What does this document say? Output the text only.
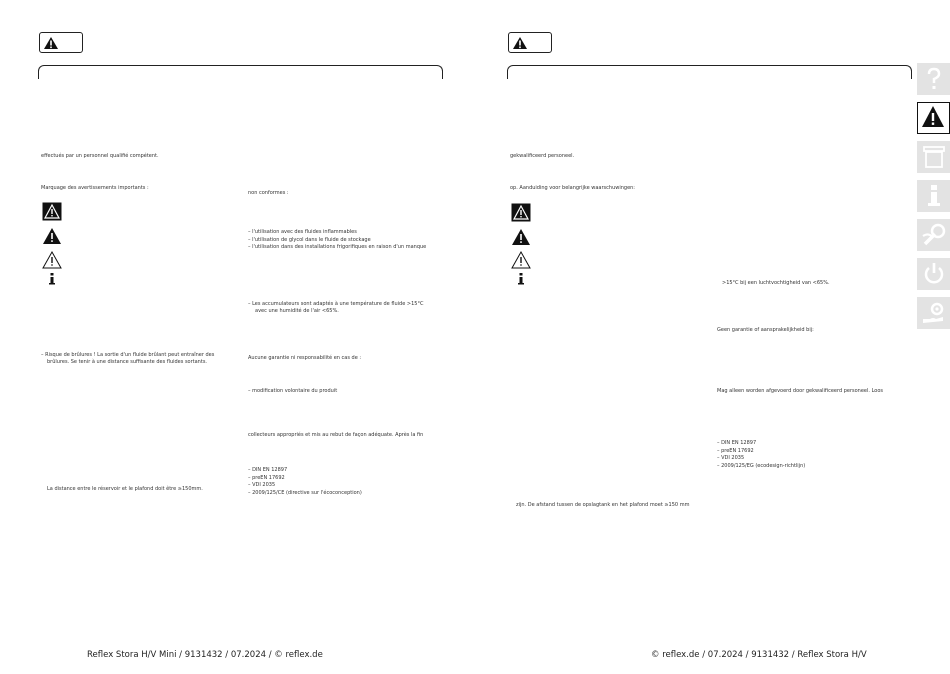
effectués par un personnel qualifié compétent.
Marquage des avertissements importants :
– Risque de brûlures ! La sortie d'un fluide brûlant peut entraîner des
brûlures. Se tenir à une distance suffisante des fluides sortants.
La distance entre le réservoir et le plafond doit être ≥150mm.
non conformes :
– l'utilisation avec des fluides inflammables
– l'utilisation de glycol dans le fluide de stockage
– l'utilisation dans des installations frigorifiques en raison d'un manque
– Les accumulateurs sont adaptés à une température de fluide >15°C
avec une humidité de l'air <65%.
Aucune garantie ni responsabilité en cas de :
– modification volontaire du produit
collecteurs appropriés et mis au rebut de façon adéquate. Après la fin
– DIN EN 12897
– preEN 17692
– VDI 2035
– 2009/125/CE (directive sur l'écoconception)
Reflex Stora H/V Mini / 9131432 / 07.2024 / © reflex.de
gekwalificeerd personeel.
op. Aanduiding voor belangrijke waarschuwingen:
zijn. De afstand tussen de opslagtank en het plafond moet ≥150 mm
>15°C bij een luchtvochtigheid van <65%.
Geen garantie of aansprakelijkheid bij:
Mag alleen worden afgevoerd door gekwalificeerd personeel. Loos
– DIN EN 12897
– preEN 17692
– VDI 2035
– 2009/125/EG (ecodesign-richtlijn)
© reflex.de / 07.2024 / 9131432 / Reflex Stora H/V
